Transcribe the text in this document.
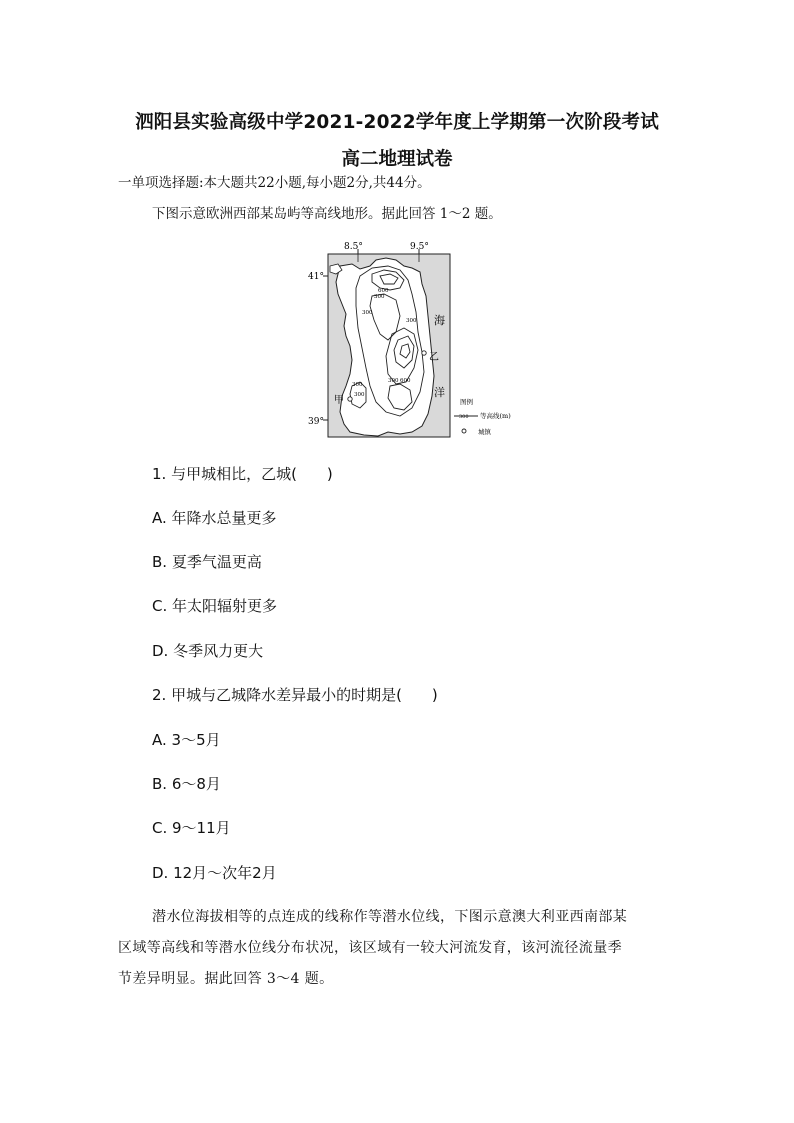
泗阳县实验高级中学2021-2022学年度上学期第一次阶段考试
高二地理试卷
一单项选择题:本大题共22小题,每小题2分,共44分。
下图示意欧洲西部某岛屿等高线地形。据此回答 1～2 题。
8.5°	9.5°
41°
39°
300
600
300
300
300
300 600
300
甲
乙
海
洋
图例
300 等高线(m)
城镇
1. 与甲城相比，乙城(　　)
A. 年降水总量更多
B. 夏季气温更高
C. 年太阳辐射更多
D. 冬季风力更大
2. 甲城与乙城降水差异最小的时期是(　　)
A. 3～5月
B. 6～8月
C. 9～11月
D. 12月～次年2月
潜水位海拔相等的点连成的线称作等潜水位线，下图示意澳大利亚西南部某
区域等高线和等潜水位线分布状况，该区域有一较大河流发育，该河流径流量季
节差异明显。据此回答 3～4 题。
